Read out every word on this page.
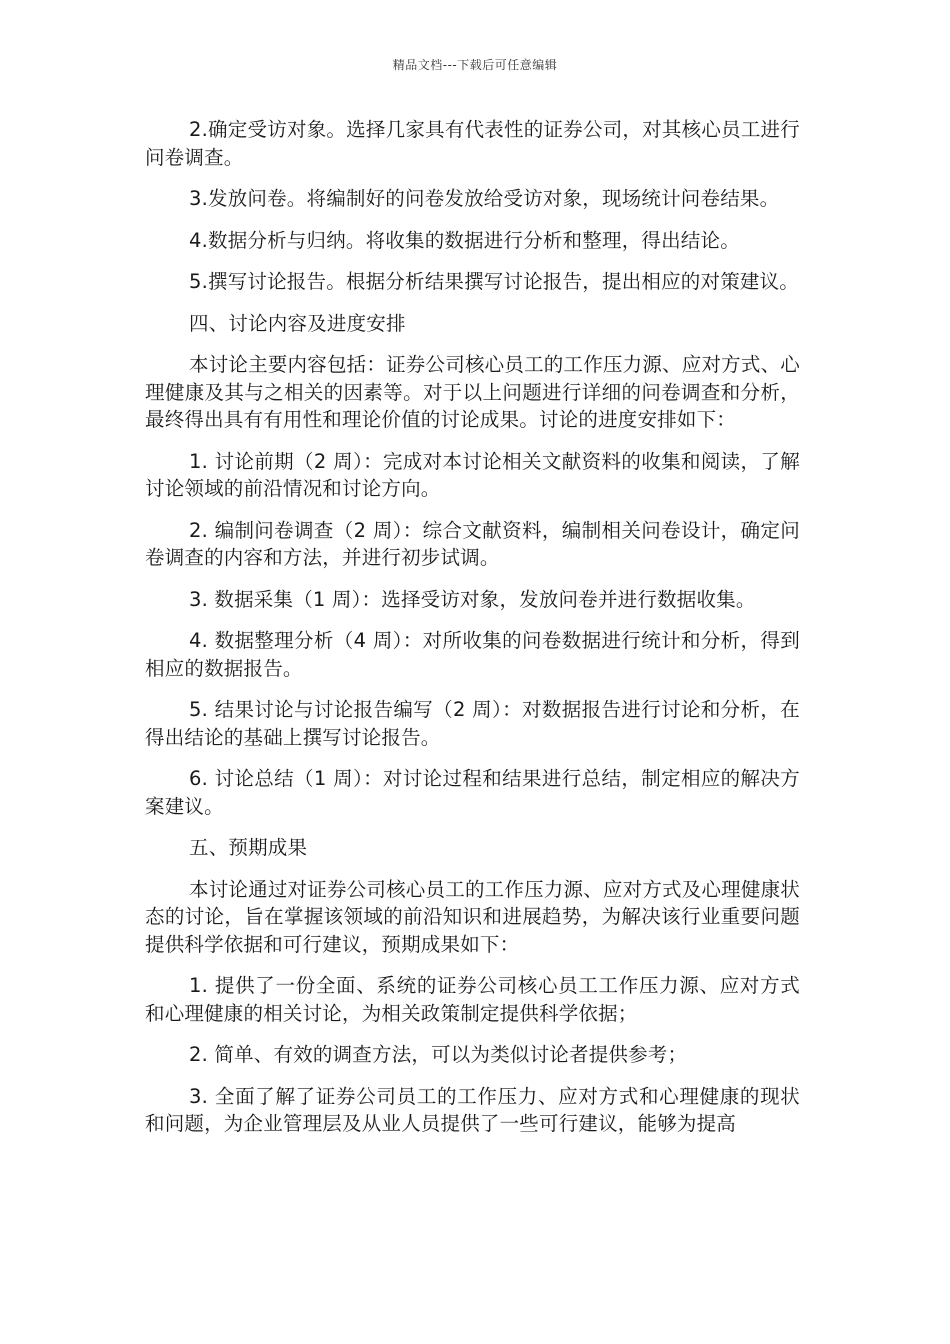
精品文档---下载后可任意编辑

2.确定受访对象。选择几家具有代表性的证券公司，对其核心员工进行问卷调查。

3.发放问卷。将编制好的问卷发放给受访对象，现场统计问卷结果。

4.数据分析与归纳。将收集的数据进行分析和整理，得出结论。

5.撰写讨论报告。根据分析结果撰写讨论报告，提出相应的对策建议。

四、讨论内容及进度安排

本讨论主要内容包括：证券公司核心员工的工作压力源、应对方式、心理健康及其与之相关的因素等。对于以上问题进行详细的问卷调查和分析，最终得出具有有用性和理论价值的讨论成果。讨论的进度安排如下：

1. 讨论前期（2 周）：完成对本讨论相关文献资料的收集和阅读，了解讨论领域的前沿情况和讨论方向。

2. 编制问卷调查（2 周）：综合文献资料，编制相关问卷设计，确定问卷调查的内容和方法，并进行初步试调。

3. 数据采集（1 周）：选择受访对象，发放问卷并进行数据收集。

4. 数据整理分析（4 周）：对所收集的问卷数据进行统计和分析，得到相应的数据报告。

5. 结果讨论与讨论报告编写（2 周）：对数据报告进行讨论和分析，在得出结论的基础上撰写讨论报告。

6. 讨论总结（1 周）：对讨论过程和结果进行总结，制定相应的解决方案建议。

五、预期成果

本讨论通过对证券公司核心员工的工作压力源、应对方式及心理健康状态的讨论，旨在掌握该领域的前沿知识和进展趋势，为解决该行业重要问题提供科学依据和可行建议，预期成果如下：

1. 提供了一份全面、系统的证券公司核心员工工作压力源、应对方式和心理健康的相关讨论，为相关政策制定提供科学依据；

2. 简单、有效的调查方法，可以为类似讨论者提供参考；

3. 全面了解了证券公司员工的工作压力、应对方式和心理健康的现状和问题，为企业管理层及从业人员提供了一些可行建议，能够为提高
